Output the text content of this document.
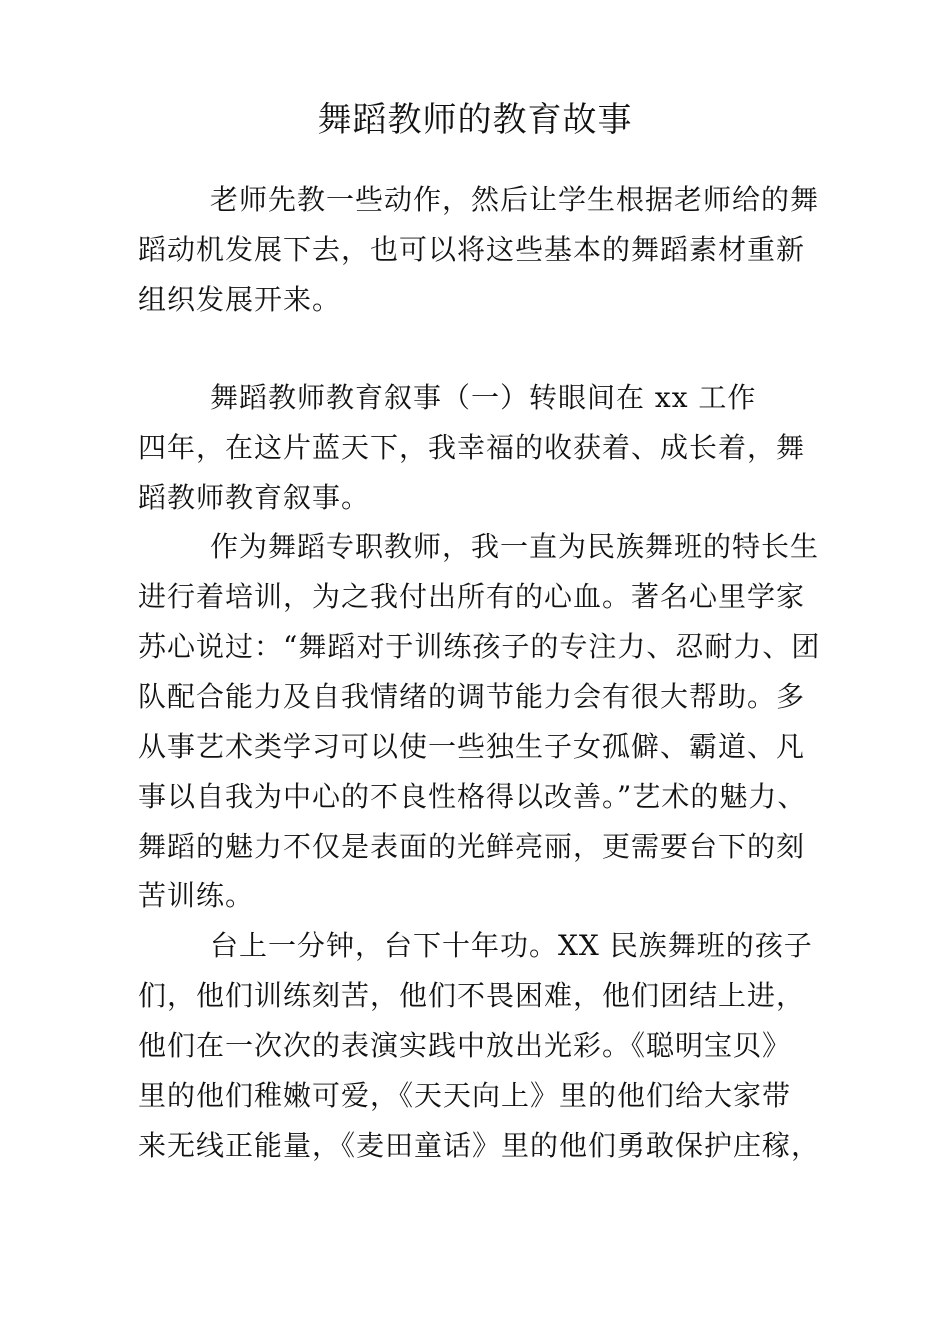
舞蹈教师的教育故事
老师先教一些动作，然后让学生根据老师给的舞
蹈动机发展下去，也可以将这些基本的舞蹈素材重新
组织发展开来。
舞蹈教师教育叙事（一）转眼间在 xx 工作
四年，在这片蓝天下，我幸福的收获着、成长着，舞
蹈教师教育叙事。
作为舞蹈专职教师，我一直为民族舞班的特长生
进行着培训，为之我付出所有的心血。著名心里学家
苏心说过：“舞蹈对于训练孩子的专注力、忍耐力、团
队配合能力及自我情绪的调节能力会有很大帮助。多
从事艺术类学习可以使一些独生子女孤僻、霸道、凡
事以自我为中心的不良性格得以改善。”艺术的魅力、
舞蹈的魅力不仅是表面的光鲜亮丽，更需要台下的刻
苦训练。
台上一分钟，台下十年功。XX 民族舞班的孩子
们，他们训练刻苦，他们不畏困难，他们团结上进，
他们在一次次的表演实践中放出光彩。《聪明宝贝》
里的他们稚嫩可爱，《天天向上》里的他们给大家带
来无线正能量，《麦田童话》里的他们勇敢保护庄稼，
